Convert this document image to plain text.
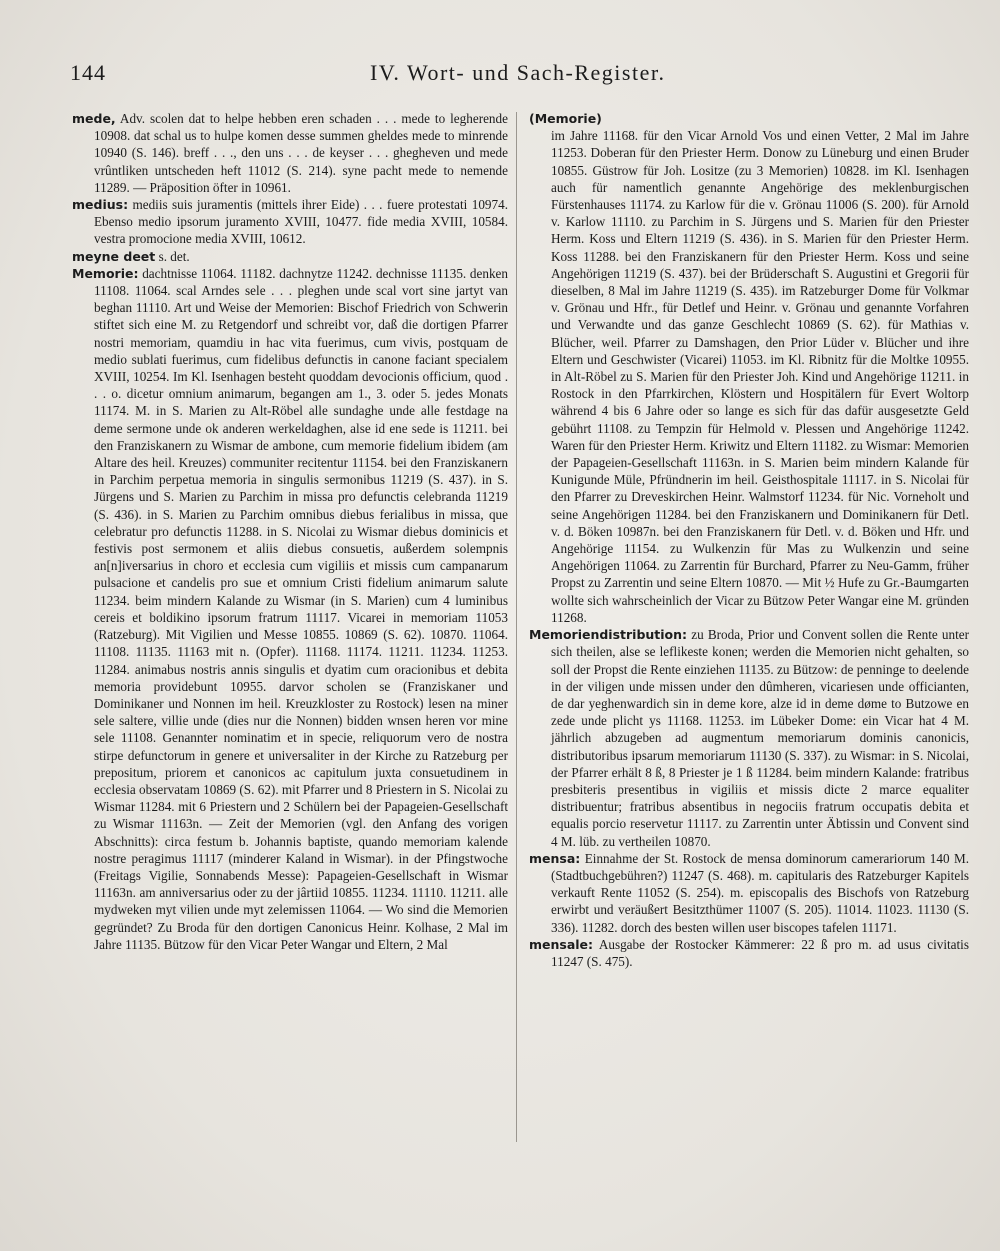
144	IV. Wort- und Sach-Register.

mede, Adv. scolen dat to helpe hebben eren schaden . . . mede to legherende 10908. dat schal us to hulpe komen desse summen gheldes mede to minrende 10940 (S. 146). breff . . ., den uns . . . de keyser . . . ghegheven und mede vrûntliken untscheden heft 11012 (S. 214). syne pacht mede to nemende 11289. — Präposition öfter in 10961.

medius: mediis suis juramentis (mittels ihrer Eide) . . . fuere protestati 10974. Ebenso medio ipsorum juramento XVIII, 10477. fide media XVIII, 10584. vestra promocione media XVIII, 10612.

meyne deet s. det.

Memorie: dachtnisse 11064. 11182. dachnytze 11242. dechnisse 11135. denken 11108. 11064. scal Arndes sele . . . pleghen unde scal vort sine jartyt van beghan 11110. Art und Weise der Memorien: Bischof Friedrich von Schwerin stiftet sich eine M. zu Retgendorf und schreibt vor, daß die dortigen Pfarrer nostri memoriam, quamdiu in hac vita fuerimus, cum vivis, postquam de medio sublati fuerimus, cum fidelibus defunctis in canone faciant specialem XVIII, 10254. Im Kl. Isenhagen besteht quoddam devocionis officium, quod . . . o. dicetur omnium animarum, begangen am 1., 3. oder 5. jedes Monats 11174. M. in S. Marien zu Alt-Röbel alle sundaghe unde alle festdage na deme sermone unde ok anderen werkeldaghen, alse id ene sede is 11211. bei den Franziskanern zu Wismar de ambone, cum memorie fidelium ibidem (am Altare des heil. Kreuzes) communiter recitentur 11154. bei den Franziskanern in Parchim perpetua memoria in singulis sermonibus 11219 (S. 437). in S. Jürgens und S. Marien zu Parchim in missa pro defunctis celebranda 11219 (S. 436). in S. Marien zu Parchim omnibus diebus ferialibus in missa, que celebratur pro defunctis 11288. in S. Nicolai zu Wismar diebus dominicis et festivis post sermonem et aliis diebus consuetis, außerdem solempnis an[n]iversarius in choro et ecclesia cum vigiliis et missis cum campanarum pulsacione et candelis pro sue et omnium Cristi fidelium animarum salute 11234. beim mindern Kalande zu Wismar (in S. Marien) cum 4 luminibus cereis et boldikino ipsorum fratrum 11117. Vicarei in memoriam 11053 (Ratzeburg). Mit Vigilien und Messe 10855. 10869 (S. 62). 10870. 11064. 11108. 11135. 11163 mit n. (Opfer). 11168. 11174. 11211. 11234. 11253. 11284. animabus nostris annis singulis et dyatim cum oracionibus et debita memoria providebunt 10955. darvor scholen se (Franziskaner und Dominikaner und Nonnen im heil. Kreuzkloster zu Rostock) lesen na miner sele saltere, villie unde (dies nur die Nonnen) bidden wnsen heren vor mine sele 11108. Genannter nominatim et in specie, reliquorum vero de nostra stirpe defunctorum in genere et universaliter in der Kirche zu Ratzeburg per prepositum, priorem et canonicos ac capitulum juxta consuetudinem in ecclesia observatam 10869 (S. 62). mit Pfarrer und 8 Priestern in S. Nicolai zu Wismar 11284. mit 6 Priestern und 2 Schülern bei der Papageien-Gesellschaft zu Wismar 11163n. — Zeit der Memorien (vgl. den Anfang des vorigen Abschnitts): circa festum b. Johannis baptiste, quando memoriam kalende nostre peragimus 11117 (minderer Kaland in Wismar). in der Pfingstwoche (Freitags Vigilie, Sonnabends Messe): Papageien-Gesellschaft in Wismar 11163n. am anniversarius oder zu der jârtiid 10855. 11234. 11110. 11211. alle mydweken myt vilien unde myt zelemissen 11064. — Wo sind die Memorien gegründet? Zu Broda für den dortigen Canonicus Heinr. Kolhase, 2 Mal im Jahre 11135. Bützow für den Vicar Peter Wangar und Eltern, 2 Mal

(Memorie)

im Jahre 11168. für den Vicar Arnold Vos und einen Vetter, 2 Mal im Jahre 11253. Doberan für den Priester Herm. Donow zu Lüneburg und einen Bruder 10855. Güstrow für Joh. Lositze (zu 3 Memorien) 10828. im Kl. Isenhagen auch für namentlich genannte Angehörige des meklenburgischen Fürstenhauses 11174. zu Karlow für die v. Grönau 11006 (S. 200). für Arnold v. Karlow 11110. zu Parchim in S. Jürgens und S. Marien für den Priester Herm. Koss und Eltern 11219 (S. 436). in S. Marien für den Priester Herm. Koss 11288. bei den Franziskanern für den Priester Herm. Koss und seine Angehörigen 11219 (S. 437). bei der Brüderschaft S. Augustini et Gregorii für dieselben, 8 Mal im Jahre 11219 (S. 435). im Ratzeburger Dome für Volkmar v. Grönau und Hfr., für Detlef und Heinr. v. Grönau und genannte Vorfahren und Verwandte und das ganze Geschlecht 10869 (S. 62). für Mathias v. Blücher, weil. Pfarrer zu Damshagen, den Prior Lüder v. Blücher und ihre Eltern und Geschwister (Vicarei) 11053. im Kl. Ribnitz für die Moltke 10955. in Alt-Röbel zu S. Marien für den Priester Joh. Kind und Angehörige 11211. in Rostock in den Pfarrkirchen, Klöstern und Hospitälern für Evert Woltorp während 4 bis 6 Jahre oder so lange es sich für das dafür ausgesetzte Geld gebührt 11108. zu Tempzin für Helmold v. Plessen und Angehörige 11242. Waren für den Priester Herm. Kriwitz und Eltern 11182. zu Wismar: Memorien der Papageien-Gesellschaft 11163n. in S. Marien beim mindern Kalande für Kunigunde Müle, Pfründnerin im heil. Geisthospitale 11117. in S. Nicolai für den Pfarrer zu Dreveskirchen Heinr. Walmstorf 11234. für Nic. Vorneholt und seine Angehörigen 11284. bei den Franziskanern und Dominikanern für Detl. v. d. Böken 10987n. bei den Franziskanern für Detl. v. d. Böken und Hfr. und Angehörige 11154. zu Wulkenzin für Mas zu Wulkenzin und seine Angehörigen 11064. zu Zarrentin für Burchard, Pfarrer zu Neu-Gamm, früher Propst zu Zarrentin und seine Eltern 10870. — Mit ½ Hufe zu Gr.-Baumgarten wollte sich wahrscheinlich der Vicar zu Bützow Peter Wangar eine M. gründen 11268.

Memoriendistribution: zu Broda, Prior und Convent sollen die Rente unter sich theilen, alse se leflikeste konen; werden die Memorien nicht gehalten, so soll der Propst die Rente einziehen 11135. zu Bützow: de penninge to deelende in der viligen unde missen under den dûmheren, vicariesen unde officianten, de dar yeghenwardich sin in deme kore, alze id in deme døme to Butzowe en zede unde plicht ys 11168. 11253. im Lübeker Dome: ein Vicar hat 4 M. jährlich abzugeben ad augmentum memoriarum dominis canonicis, distributoribus ipsarum memoriarum 11130 (S. 337). zu Wismar: in S. Nicolai, der Pfarrer erhält 8 ß, 8 Priester je 1 ß 11284. beim mindern Kalande: fratribus presbiteris presentibus in vigiliis et missis dicte 2 marce equaliter distribuentur; fratribus absentibus in negociis fratrum occupatis debita et equalis porcio reservetur 11117. zu Zarrentin unter Äbtissin und Convent sind 4 M. lüb. zu vertheilen 10870.

mensa: Einnahme der St. Rostock de mensa dominorum camerariorum 140 M. (Stadtbuchgebühren?) 11247 (S. 468). m. capitularis des Ratzeburger Kapitels verkauft Rente 11052 (S. 254). m. episcopalis des Bischofs von Ratzeburg erwirbt und veräußert Besitzthümer 11007 (S. 205). 11014. 11023. 11130 (S. 336). 11282. dorch des besten willen user biscopes tafelen 11171.

mensale: Ausgabe der Rostocker Kämmerer: 22 ß pro m. ad usus civitatis 11247 (S. 475).
